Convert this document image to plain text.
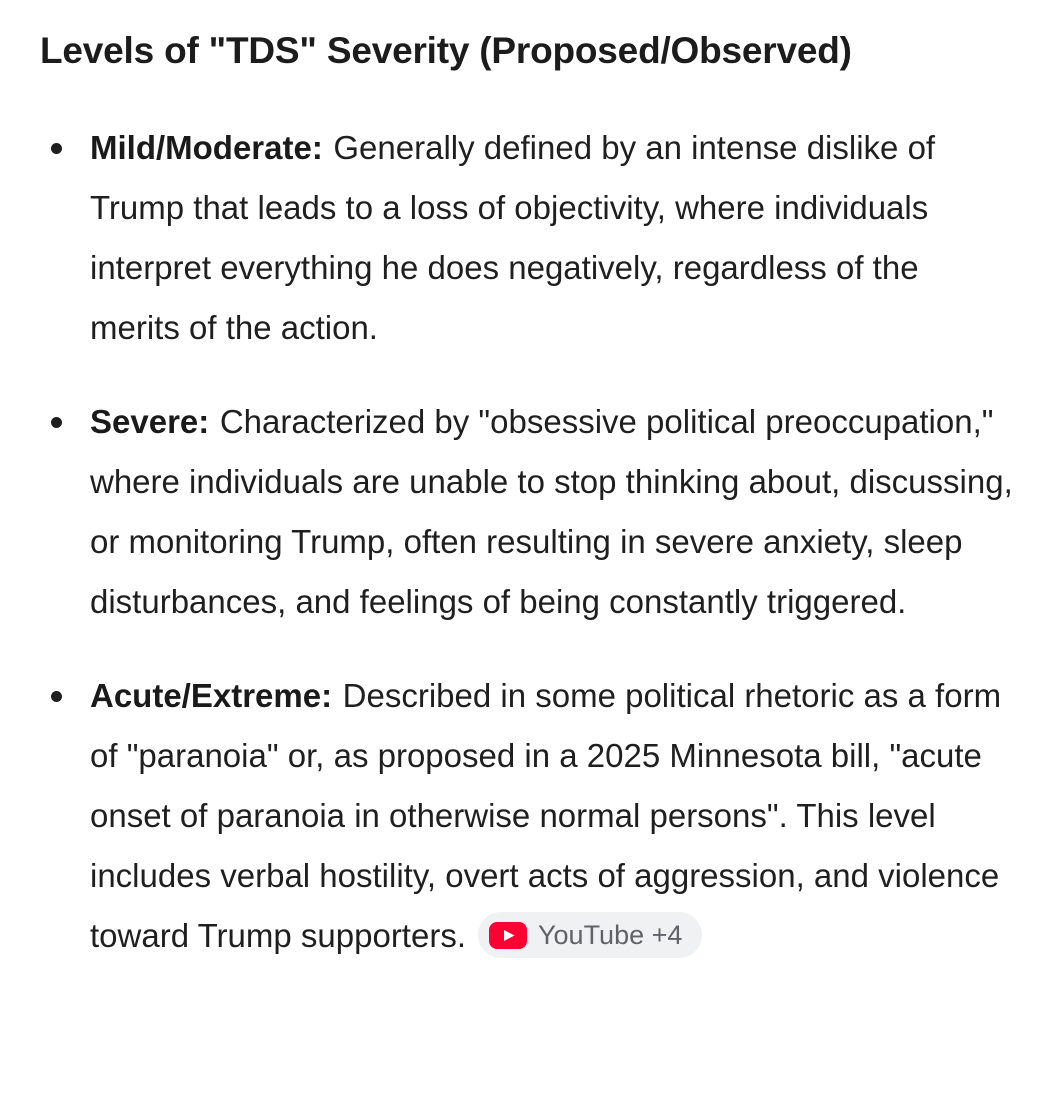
Levels of "TDS" Severity (Proposed/Observed)
Mild/Moderate: Generally defined by an intense dislike of Trump that leads to a loss of objectivity, where individuals interpret everything he does negatively, regardless of the merits of the action.
Severe: Characterized by "obsessive political preoccupation," where individuals are unable to stop thinking about, discussing, or monitoring Trump, often resulting in severe anxiety, sleep disturbances, and feelings of being constantly triggered.
Acute/Extreme: Described in some political rhetoric as a form of "paranoia" or, as proposed in a 2025 Minnesota bill, "acute onset of paranoia in otherwise normal persons". This level includes verbal hostility, overt acts of aggression, and violence toward Trump supporters.	YouTube +4
